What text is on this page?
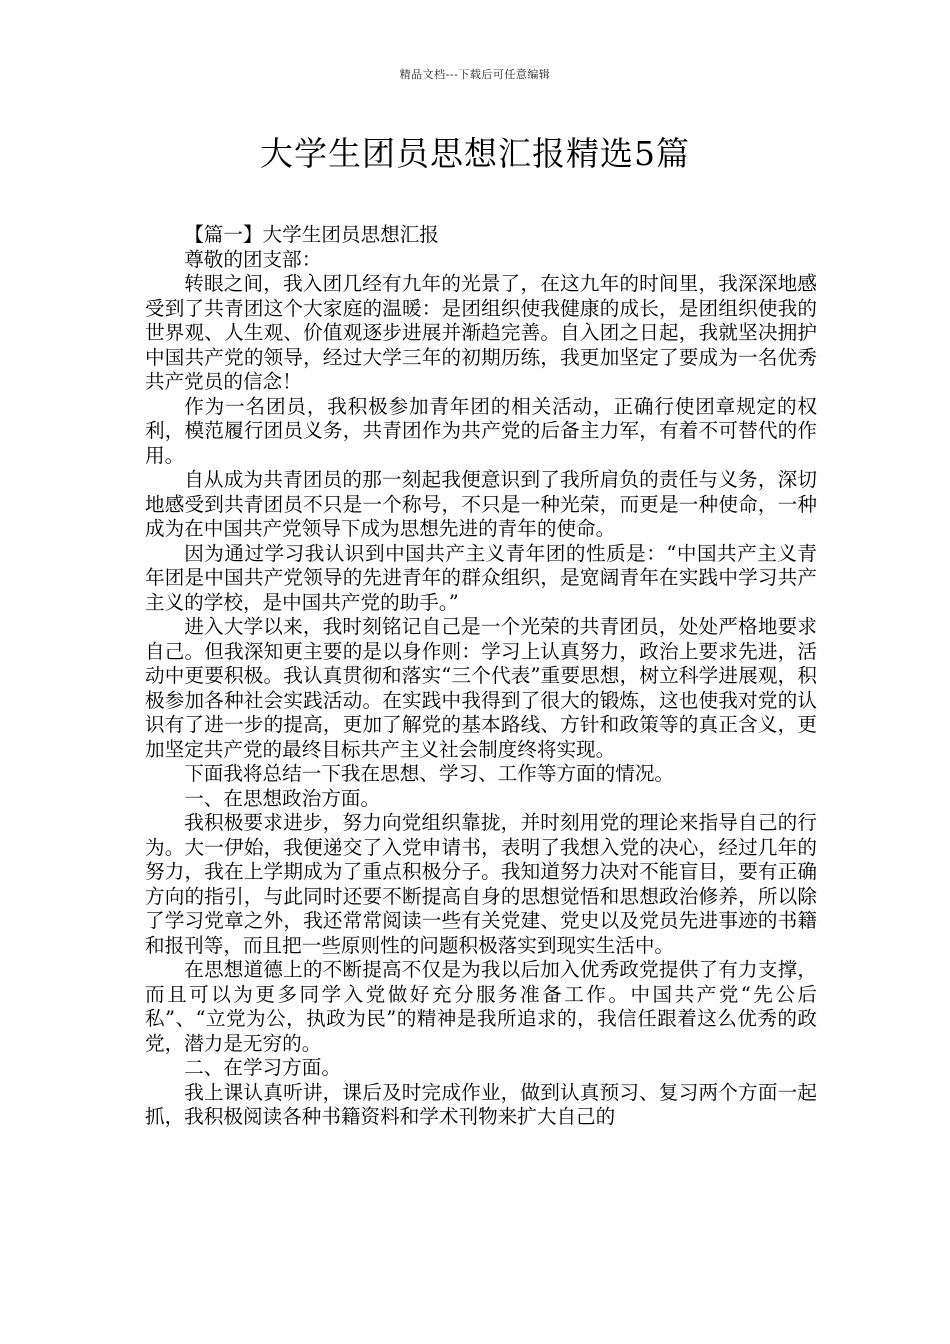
精品文档---下载后可任意编辑
大学生团员思想汇报精选5篇

【篇一】大学生团员思想汇报

尊敬的团支部：

转眼之间，我入团几经有九年的光景了，在这九年的时间里，我深深地感受到了共青团这个大家庭的温暖：是团组织使我健康的成长，是团组织使我的世界观、人生观、价值观逐步进展并渐趋完善。自入团之日起，我就坚决拥护中国共产党的领导，经过大学三年的初期历练，我更加坚定了要成为一名优秀共产党员的信念！

作为一名团员，我积极参加青年团的相关活动，正确行使团章规定的权利，模范履行团员义务，共青团作为共产党的后备主力军，有着不可替代的作用。

自从成为共青团员的那一刻起我便意识到了我所肩负的责任与义务，深切地感受到共青团员不只是一个称号，不只是一种光荣，而更是一种使命，一种成为在中国共产党领导下成为思想先进的青年的使命。

因为通过学习我认识到中国共产主义青年团的性质是：“中国共产主义青年团是中国共产党领导的先进青年的群众组织，是宽阔青年在实践中学习共产主义的学校，是中国共产党的助手。”

进入大学以来，我时刻铭记自己是一个光荣的共青团员，处处严格地要求自己。但我深知更主要的是以身作则：学习上认真努力，政治上要求先进，活动中更要积极。我认真贯彻和落实“三个代表”重要思想，树立科学进展观，积极参加各种社会实践活动。在实践中我得到了很大的锻炼，这也使我对党的认识有了进一步的提高，更加了解党的基本路线、方针和政策等的真正含义，更加坚定共产党的最终目标共产主义社会制度终将实现。

下面我将总结一下我在思想、学习、工作等方面的情况。

一、在思想政治方面。

我积极要求进步，努力向党组织靠拢，并时刻用党的理论来指导自己的行为。大一伊始，我便递交了入党申请书，表明了我想入党的决心，经过几年的努力，我在上学期成为了重点积极分子。我知道努力决对不能盲目，要有正确方向的指引，与此同时还要不断提高自身的思想觉悟和思想政治修养，所以除了学习党章之外，我还常常阅读一些有关党建、党史以及党员先进事迹的书籍和报刊等，而且把一些原则性的问题积极落实到现实生活中。

在思想道德上的不断提高不仅是为我以后加入优秀政党提供了有力支撑，而且可以为更多同学入党做好充分服务准备工作。中国共产党“先公后私”、“立党为公，执政为民”的精神是我所追求的，我信任跟着这么优秀的政党，潜力是无穷的。

二、在学习方面。

我上课认真听讲，课后及时完成作业，做到认真预习、复习两个方面一起抓，我积极阅读各种书籍资料和学术刊物来扩大自己的
